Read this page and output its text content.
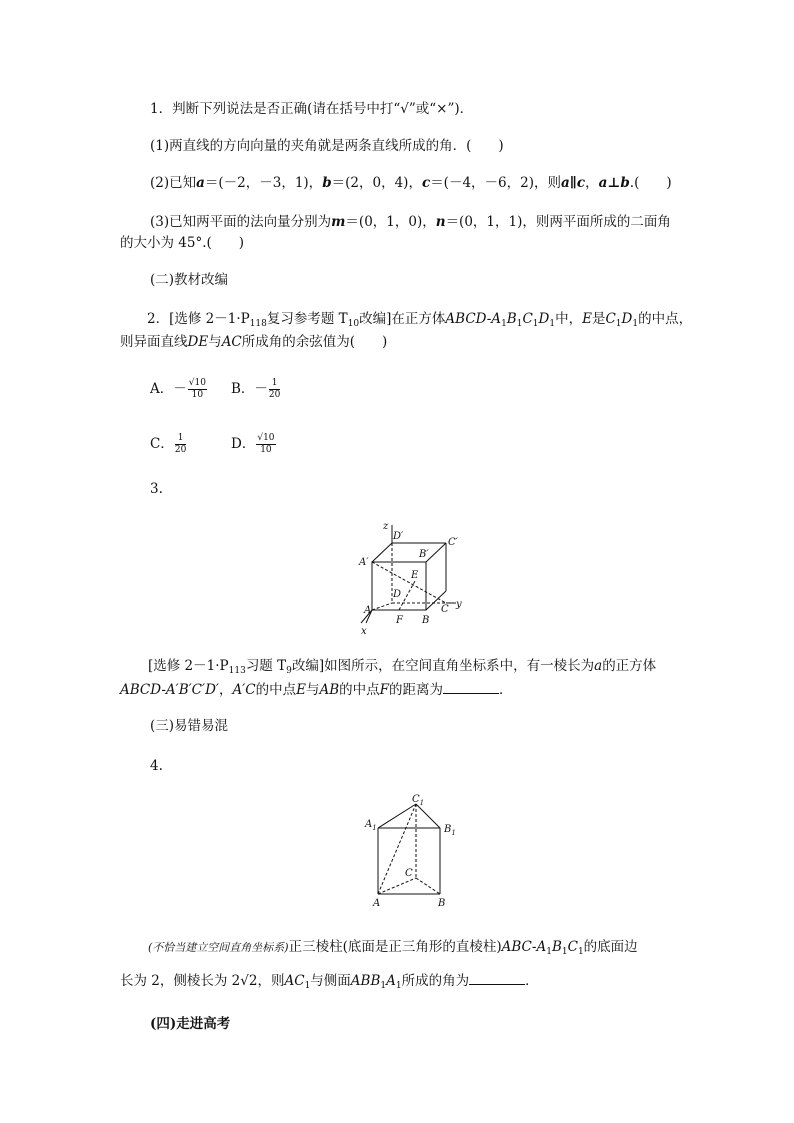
1．判断下列说法是否正确(请在括号中打“√”或“×”)．
(1)两直线的方向向量的夹角就是两条直线所成的角．(　　)
(2)已知a＝(－2，－3，1)，b＝(2，0，4)，c＝(－4，－6，2)，则a∥c，a⊥b.(　　)
(3)已知两平面的法向量分别为m＝(0，1，0)，n＝(0，1，1)，则两平面所成的二面角
的大小为 45°.(　　)
(二)教材改编
2．[选修 $2-1\cdot P_{118}$复习参考题 $T_{10}$改编]在正方体ABCD-$A_1B_1C_1D_1$中，E是$C_1D_1$的中点，
则异面直线DE与AC所成角的余弦值为(　　)
A．－ $\frac{√10}{10}$ B．－ $\frac{1}{20}$
C． $\frac{1}{20}$	D． $\frac{√10}{10}$
3.
z
D′
C′
B′
A′
E
D
y
A	C
F B
x
[选修 $2-1\cdot P_{113}$习题 $T_9$改编]如图所示，在空间直角坐标系中，有一棱长为a的正方体
ABCD-A′B′C′D′，A′C的中点E与AB的中点F的距离为	．
(三)易错易混
4.
$C_1$
$A_1$	$B_1$
C
A	B
(不恰当建立空间直角坐标系)正三棱柱(底面是正三角形的直棱柱)$ABC-A_1B_1C_1$的底面边
长为 2，侧棱长为 2√2，则$AC_1$与侧面$ABB_1A_1$所成的角为	．
(四)走进高考
